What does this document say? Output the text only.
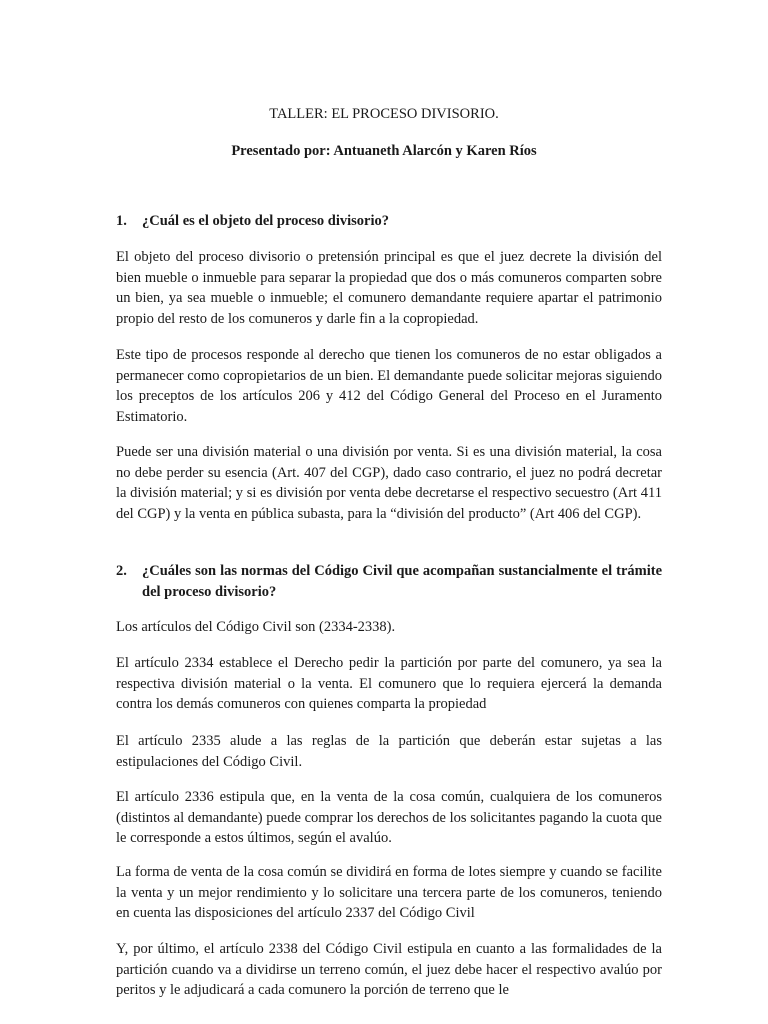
TALLER: EL PROCESO DIVISORIO.
Presentado por: Antuaneth Alarcón y Karen Ríos
1. ¿Cuál es el objeto del proceso divisorio?
El objeto del proceso divisorio o pretensión principal es que el juez decrete la división del bien mueble o inmueble para separar la propiedad que dos o más comuneros comparten sobre un bien, ya sea mueble o inmueble; el comunero demandante requiere apartar el patrimonio propio del resto de los comuneros y darle fin a la copropiedad.
Este tipo de procesos responde al derecho que tienen los comuneros de no estar obligados a permanecer como copropietarios de un bien. El demandante puede solicitar mejoras siguiendo los preceptos de los artículos 206 y 412 del Código General del Proceso en el Juramento Estimatorio.
Puede ser una división material o una división por venta. Si es una división material, la cosa no debe perder su esencia (Art. 407 del CGP), dado caso contrario, el juez no podrá decretar la división material; y si es división por venta debe decretarse el respectivo secuestro (Art 411 del CGP) y la venta en pública subasta, para la “división del producto” (Art 406 del CGP).
2. ¿Cuáles son las normas del Código Civil que acompañan sustancialmente el trámite del proceso divisorio?
Los artículos del Código Civil son (2334-2338).
El artículo 2334 establece el Derecho pedir la partición por parte del comunero, ya sea la respectiva división material o la venta. El comunero que lo requiera ejercerá la demanda contra los demás comuneros con quienes comparta la propiedad
El artículo 2335 alude a las reglas de la partición que deberán estar sujetas a las estipulaciones del Código Civil.
El artículo 2336 estipula que, en la venta de la cosa común, cualquiera de los comuneros (distintos al demandante) puede comprar los derechos de los solicitantes pagando la cuota que le corresponde a estos últimos, según el avalúo.
La forma de venta de la cosa común se dividirá en forma de lotes siempre y cuando se facilite la venta y un mejor rendimiento y lo solicitare una tercera parte de los comuneros, teniendo en cuenta las disposiciones del artículo 2337 del Código Civil
Y, por último, el artículo 2338 del Código Civil estipula en cuanto a las formalidades de la partición cuando va a dividirse un terreno común, el juez debe hacer el respectivo avalúo por peritos y le adjudicará a cada comunero la porción de terreno que le
